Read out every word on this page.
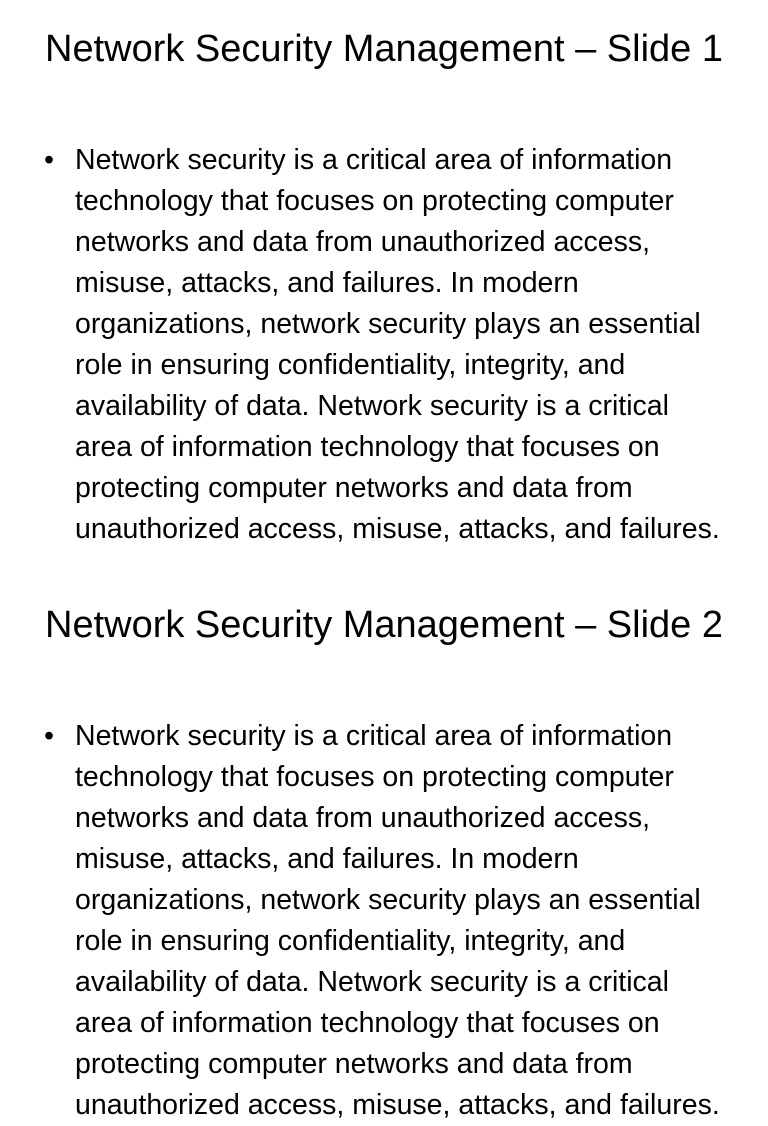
Network Security Management – Slide 1
• Network security is a critical area of information technology that focuses on protecting computer networks and data from unauthorized access, misuse, attacks, and failures. In modern organizations, network security plays an essential role in ensuring confidentiality, integrity, and availability of data. Network security is a critical area of information technology that focuses on protecting computer networks and data from unauthorized access, misuse, attacks, and failures.
Network Security Management – Slide 2
• Network security is a critical area of information technology that focuses on protecting computer networks and data from unauthorized access, misuse, attacks, and failures. In modern organizations, network security plays an essential role in ensuring confidentiality, integrity, and availability of data. Network security is a critical area of information technology that focuses on protecting computer networks and data from unauthorized access, misuse, attacks, and failures.
